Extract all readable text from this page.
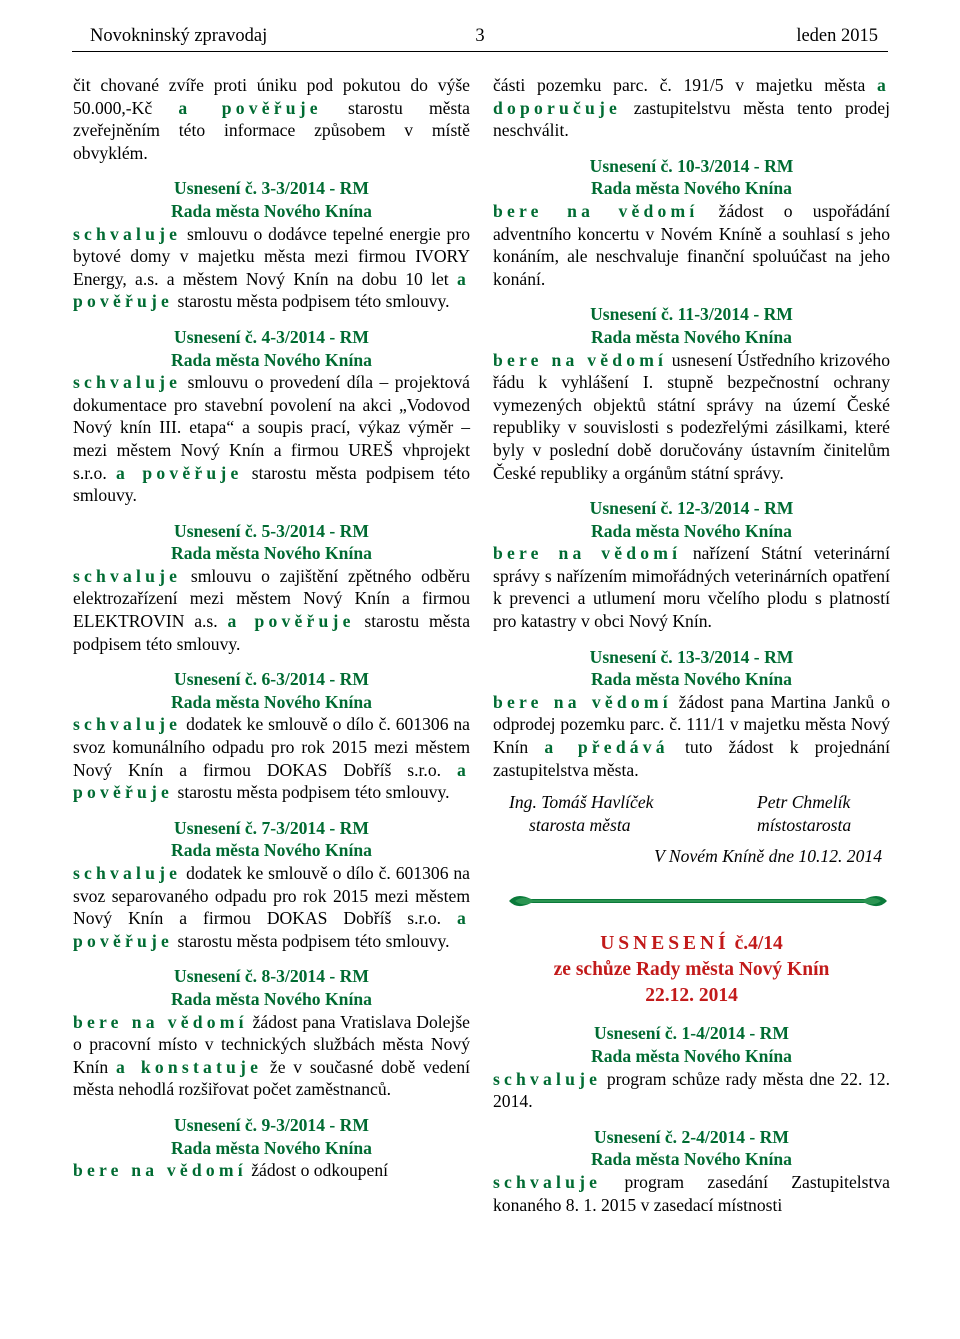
Novokninský zpravodaj	3	leden 2015

čit chované zvíře proti úniku pod pokutou do výše 50.000,-Kč a pověřuje starostu města zveřejněním této informace způsobem v místě obvyklém.

Usnesení č. 3-3/2014 - RM

Rada města Nového Knína

schvaluje smlouvu o dodávce tepelné energie pro bytové domy v majetku města mezi firmou IVORY Energy, a.s. a městem Nový Knín na dobu 10 let a pověřuje starostu města podpisem této smlouvy.

Usnesení č. 4-3/2014 - RM

Rada města Nového Knína

schvaluje smlouvu o provedení díla – projektová dokumentace pro stavební povolení na akci „Vodovod Nový knín III. etapa“ a soupis prací, výkaz výměr – mezi městem Nový Knín a firmou UREŠ vhprojekt s.r.o. a pověřuje starostu města podpisem této smlouvy.

Usnesení č. 5-3/2014 - RM

Rada města Nového Knína

schvaluje smlouvu o zajištění zpětného odběru elektrozařízení mezi městem Nový Knín a firmou ELEKTROVIN a.s. a pověřuje starostu města podpisem této smlouvy.

Usnesení č. 6-3/2014 - RM

Rada města Nového Knína

schvaluje dodatek ke smlouvě o dílo č. 601306 na svoz komunálního odpadu pro rok 2015 mezi městem Nový Knín a firmou DOKAS Dobříš s.r.o. a pověřuje starostu města podpisem této smlouvy.

Usnesení č. 7-3/2014 - RM

Rada města Nového Knína

schvaluje dodatek ke smlouvě o dílo č. 601306 na svoz separovaného odpadu pro rok 2015 mezi městem Nový Knín a firmou DOKAS Dobříš s.r.o. a pověřuje starostu města podpisem této smlouvy.

Usnesení č. 8-3/2014 - RM

Rada města Nového Knína

bere na vědomí žádost pana Vratislava Dolejše o pracovní místo v technických službách města Nový Knín a konstatuje že v současné době vedení města nehodlá rozšiřovat počet zaměstnanců.

Usnesení č. 9-3/2014 - RM

Rada města Nového Knína

bere na vědomí žádost o odkoupení

části pozemku parc. č. 191/5 v majetku města a doporučuje zastupitelstvu města tento prodej neschválit.

Usnesení č. 10-3/2014 - RM

Rada města Nového Knína

bere na vědomí žádost o uspořádání adventního koncertu v Novém Kníně a souhlasí s jeho konáním, ale neschvaluje finanční spoluúčast na jeho konání.

Usnesení č. 11-3/2014 - RM

Rada města Nového Knína

bere na vědomí usnesení Ústředního krizového řádu k vyhlášení I. stupně bezpečnostní ochrany vymezených objektů státní správy na území České republiky v souvislosti s podezřelými zásilkami, které byly v poslední době doručovány ústavním činitelům České republiky a orgánům státní správy.

Usnesení č. 12-3/2014 - RM

Rada města Nového Knína

bere na vědomí nařízení Státní veterinární správy s nařízením mimořádných veterinárních opatření k prevenci a utlumení moru včelího plodu s platností pro katastry v obci Nový Knín.

Usnesení č. 13-3/2014 - RM

Rada města Nového Knína

bere na vědomí žádost pana Martina Janků o odprodej pozemku parc. č. 111/1 v majetku města Nový Knín a předává tuto žádost k projednání zastupitelstva města.

Ing. Tomáš Havlíček
starosta města
Petr Chmelík
místostarosta
V Novém Kníně dne 10.12. 2014
USNESENÍ č.4/14
ze schůze Rady města Nový Knín
22.12. 2014

Usnesení č. 1-4/2014 - RM

Rada města Nového Knína

schvaluje program schůze rady města dne 22. 12. 2014.

Usnesení č. 2-4/2014 - RM

Rada města Nového Knína

schvaluje program zasedání Zastupitelstva konaného 8. 1. 2015 v zasedací místnosti
